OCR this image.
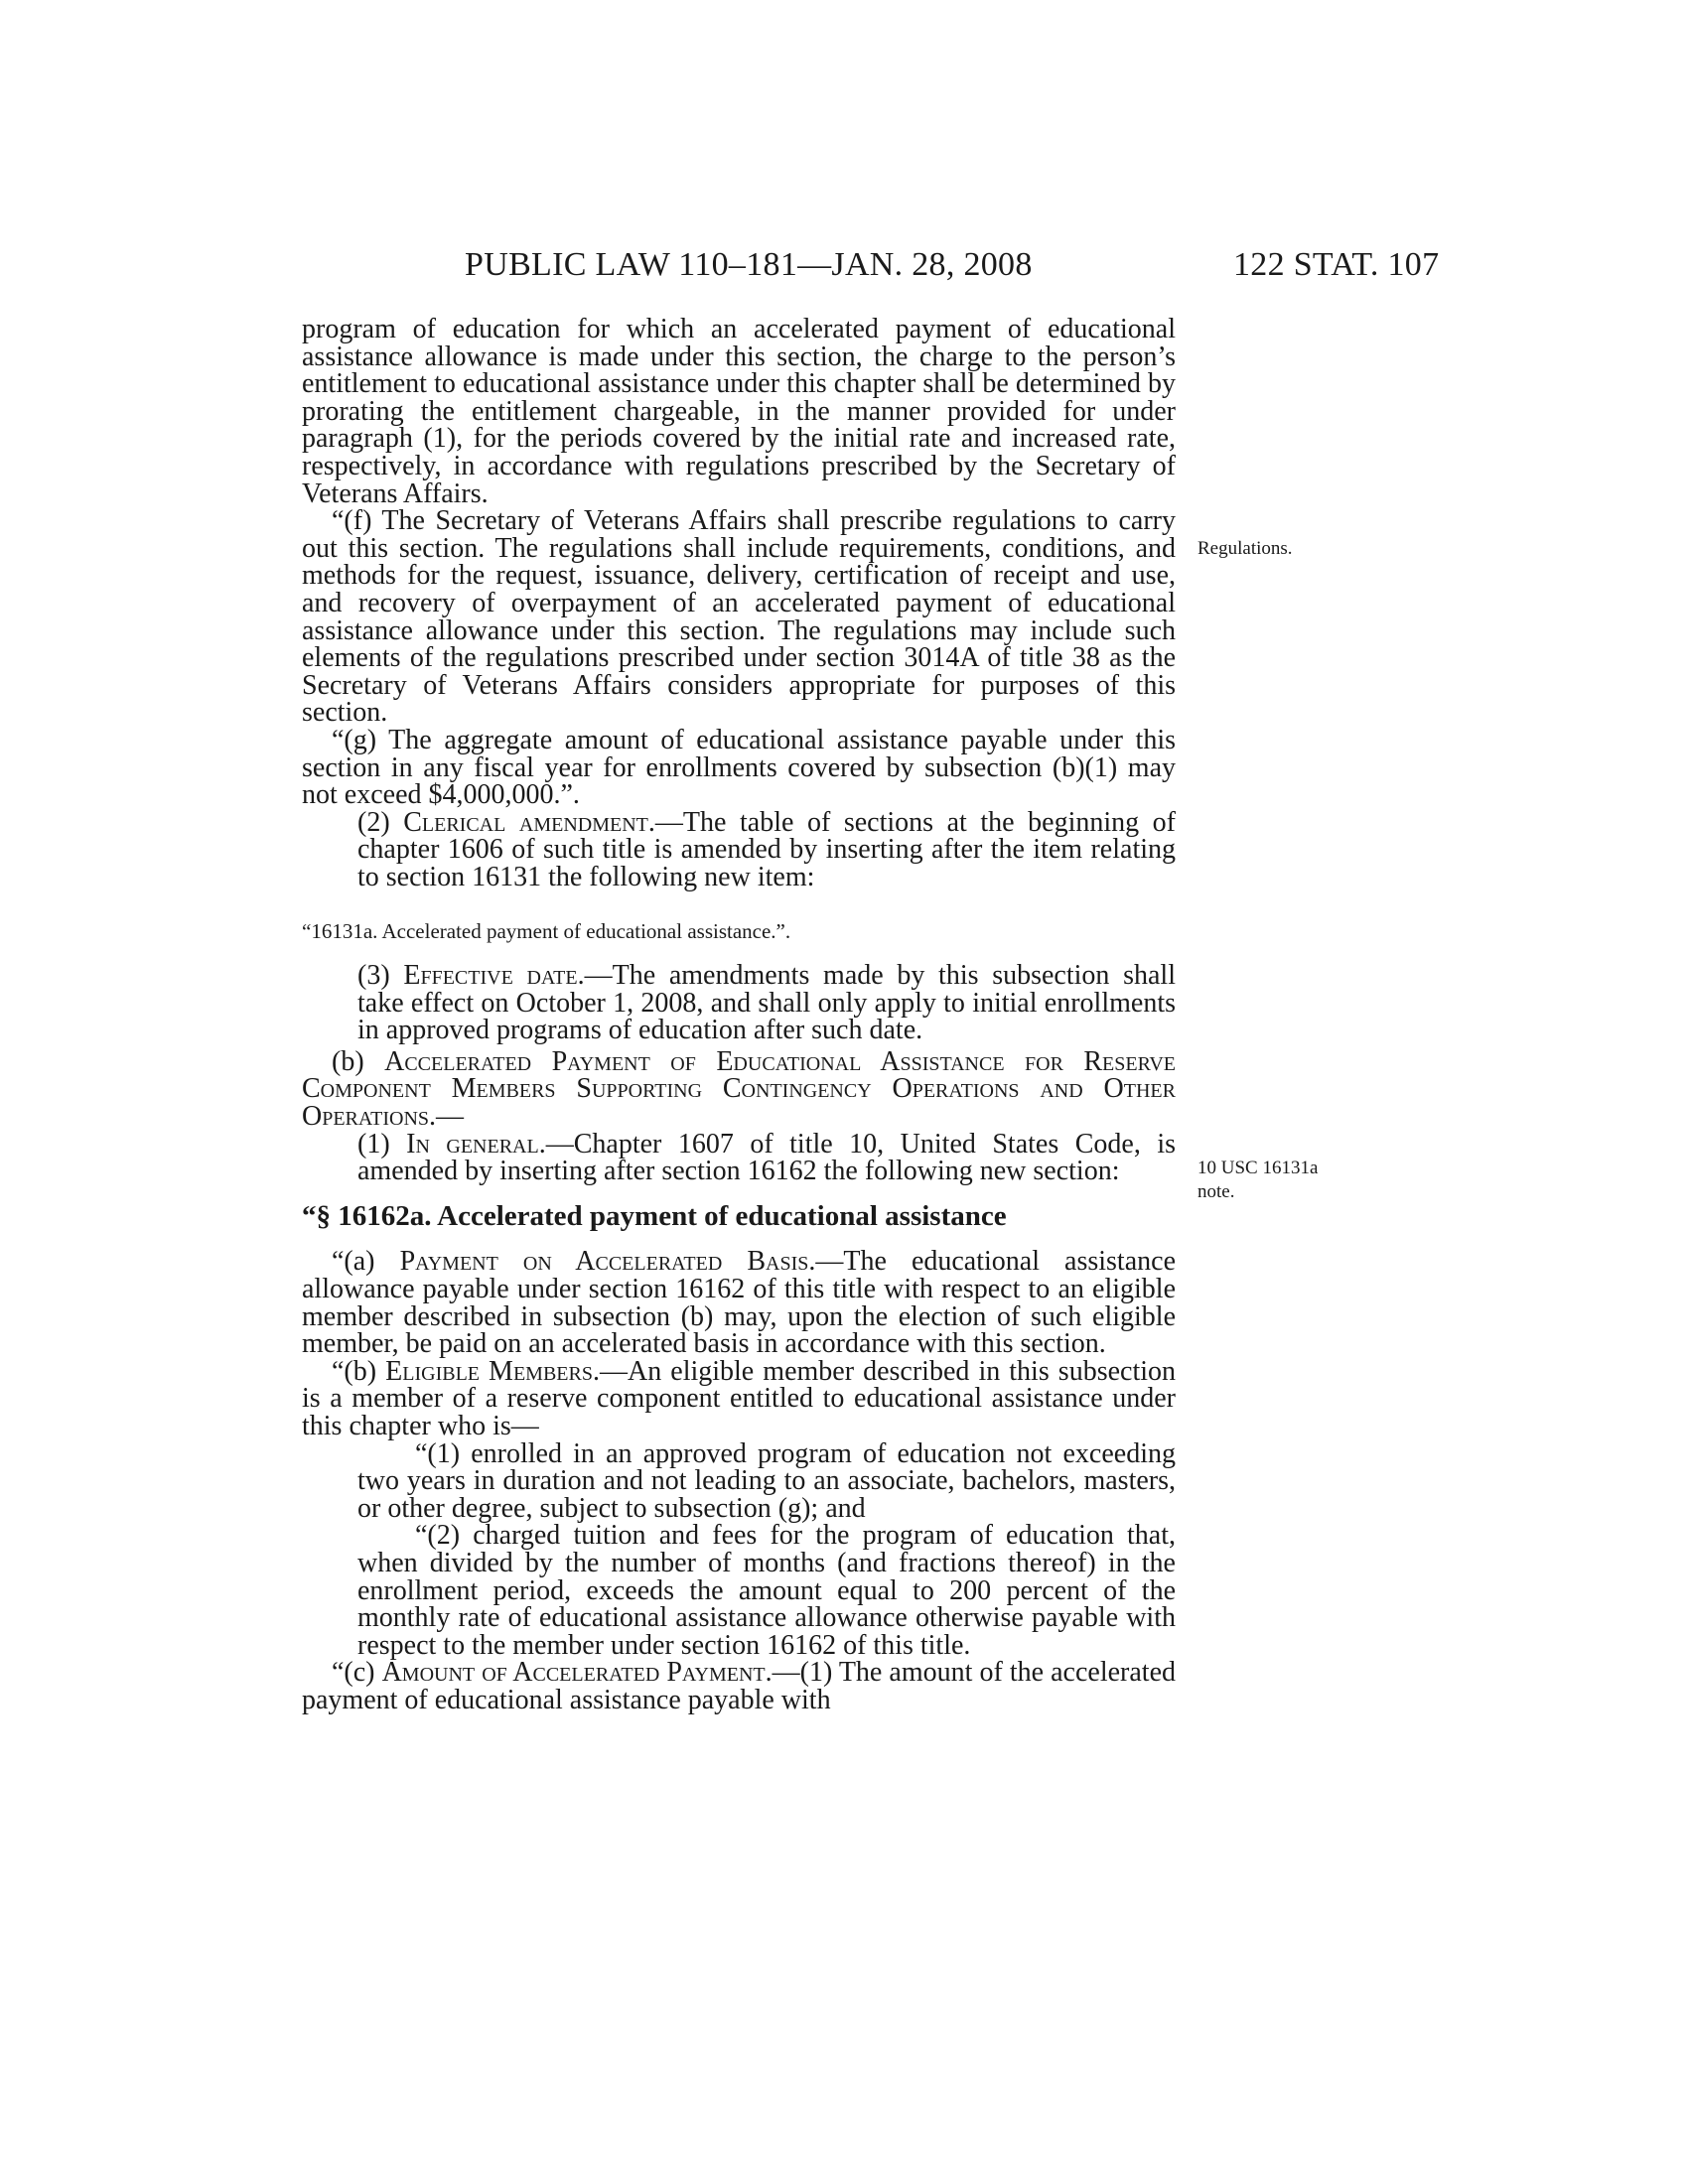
PUBLIC LAW 110–181—JAN. 28, 2008	122 STAT. 107
Regulations.
10 USC 16131a
note.

program of education for which an accelerated payment of educational assistance allowance is made under this section, the charge to the person’s entitlement to educational assistance under this chapter shall be determined by prorating the entitlement chargeable, in the manner provided for under paragraph (1), for the periods covered by the initial rate and increased rate, respectively, in accordance with regulations prescribed by the Secretary of Veterans Affairs.

“(f) The Secretary of Veterans Affairs shall prescribe regulations to carry out this section. The regulations shall include requirements, conditions, and methods for the request, issuance, delivery, certification of receipt and use, and recovery of overpayment of an accelerated payment of educational assistance allowance under this section. The regulations may include such elements of the regulations prescribed under section 3014A of title 38 as the Secretary of Veterans Affairs considers appropriate for purposes of this section.

“(g) The aggregate amount of educational assistance payable under this section in any fiscal year for enrollments covered by subsection (b)(1) may not exceed $4,000,000.”.

(2) Clerical amendment.—The table of sections at the beginning of chapter 1606 of such title is amended by inserting after the item relating to section 16131 the following new item:

“16131a. Accelerated payment of educational assistance.”.

(3) Effective date.—The amendments made by this subsection shall take effect on October 1, 2008, and shall only apply to initial enrollments in approved programs of education after such date.

(b) Accelerated Payment of Educational Assistance for Reserve Component Members Supporting Contingency Operations and Other Operations.—

(1) In general.—Chapter 1607 of title 10, United States Code, is amended by inserting after section 16162 the following new section:

“§ 16162a. Accelerated payment of educational assistance

“(a) Payment on Accelerated Basis.—The educational assistance allowance payable under section 16162 of this title with respect to an eligible member described in subsection (b) may, upon the election of such eligible member, be paid on an accelerated basis in accordance with this section.

“(b) Eligible Members.—An eligible member described in this subsection is a member of a reserve component entitled to educational assistance under this chapter who is—

“(1) enrolled in an approved program of education not exceeding two years in duration and not leading to an associate, bachelors, masters, or other degree, subject to subsection (g); and

“(2) charged tuition and fees for the program of education that, when divided by the number of months (and fractions thereof) in the enrollment period, exceeds the amount equal to 200 percent of the monthly rate of educational assistance allowance otherwise payable with respect to the member under section 16162 of this title.

“(c) Amount of Accelerated Payment.—(1) The amount of the accelerated payment of educational assistance payable with
